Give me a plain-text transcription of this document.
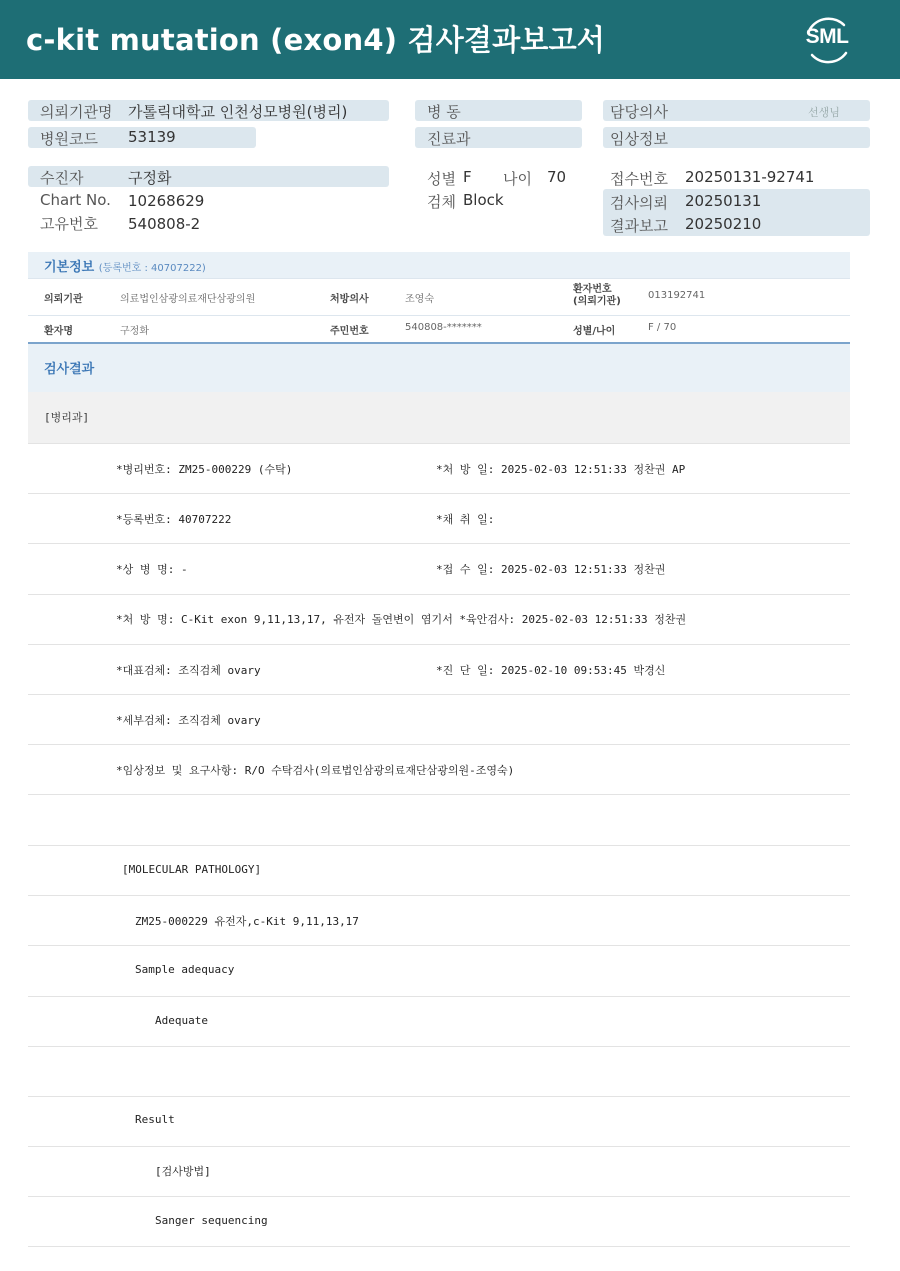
c-kit mutation (exon4) 검사결과보고서	SML
의뢰기관명 가톨릭대학교 인천성모병원(병리)
병원코드 53139
병 동
진료과
담당의사	선생님
임상정보
수진자	구정화
Chart No. 10268629
고유번호 540808-2
성별 F 나이 70
검체 Block
접수번호 20250131-92741
검사의뢰 20250131
결과보고 20250210
기본정보 (등록번호 : 40707222)
의뢰기관	의료법인삼광의료재단삼광의원	처방의사	조영숙
환자번호
(의뢰기관)
013192741
환자명	구정화	주민번호	540808-*******	성별/나이	F / 70
검사결과
[병리과]
*병리번호: ZM25-000229 (수탁)	*처 방 일: 2025-02-03 12:51:33 정찬권 AP
*등록번호: 40707222	*채 취 일:
*상 병 명: -	*접 수 일: 2025-02-03 12:51:33 정찬권
*처 방 명: C-Kit exon 9,11,13,17, 유전자 돌연변이 염기서 *육안검사: 2025-02-03 12:51:33 정찬권
*대표검체: 조직검체 ovary	*진 단 일: 2025-02-10 09:53:45 박경신
*세부검체: 조직검체 ovary
*임상정보 및 요구사항: R/O 수탁검사(의료법인삼광의료재단삼광의원-조영숙)
[MOLECULAR PATHOLOGY]
ZM25-000229 유전자,c-Kit 9,11,13,17
Sample adequacy
Adequate
Result
[검사방법]
Sanger sequencing
